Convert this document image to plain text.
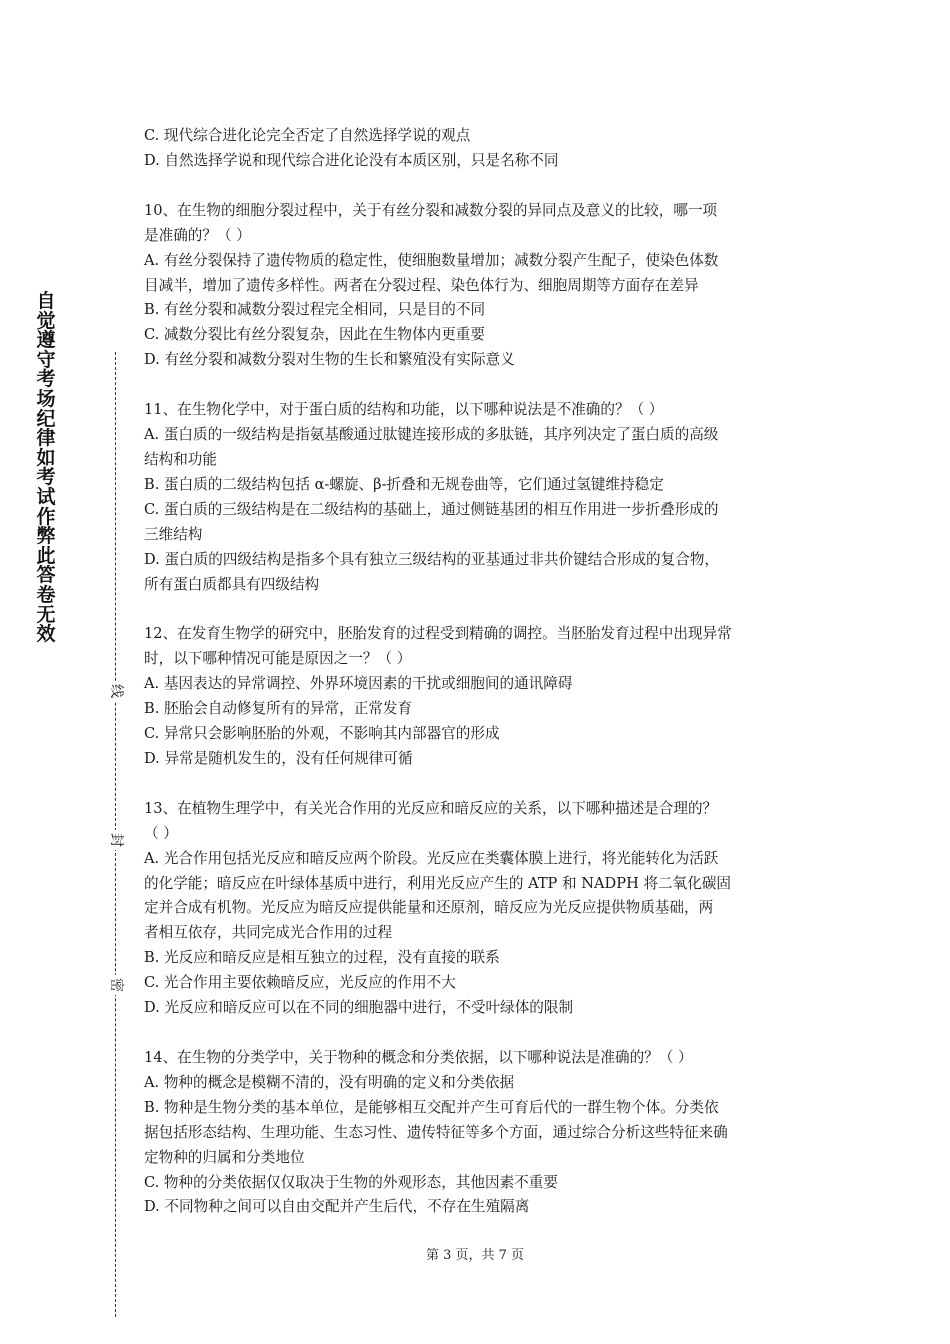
自觉遵守考场纪律如考试作弊此答卷无效
线
封
密
C. 现代综合进化论完全否定了自然选择学说的观点
D. 自然选择学说和现代综合进化论没有本质区别，只是名称不同
10、在生物的细胞分裂过程中，关于有丝分裂和减数分裂的异同点及意义的比较，哪一项
是准确的？（ ）
A. 有丝分裂保持了遗传物质的稳定性，使细胞数量增加；减数分裂产生配子，使染色体数
目减半，增加了遗传多样性。两者在分裂过程、染色体行为、细胞周期等方面存在差异
B. 有丝分裂和减数分裂过程完全相同，只是目的不同
C. 减数分裂比有丝分裂复杂，因此在生物体内更重要
D. 有丝分裂和减数分裂对生物的生长和繁殖没有实际意义
11、在生物化学中，对于蛋白质的结构和功能，以下哪种说法是不准确的？（ ）
A. 蛋白质的一级结构是指氨基酸通过肽键连接形成的多肽链，其序列决定了蛋白质的高级
结构和功能
B. 蛋白质的二级结构包括 α-螺旋、β-折叠和无规卷曲等，它们通过氢键维持稳定
C. 蛋白质的三级结构是在二级结构的基础上，通过侧链基团的相互作用进一步折叠形成的
三维结构
D. 蛋白质的四级结构是指多个具有独立三级结构的亚基通过非共价键结合形成的复合物，
所有蛋白质都具有四级结构
12、在发育生物学的研究中，胚胎发育的过程受到精确的调控。当胚胎发育过程中出现异常
时，以下哪种情况可能是原因之一？（ ）
A. 基因表达的异常调控、外界环境因素的干扰或细胞间的通讯障碍
B. 胚胎会自动修复所有的异常，正常发育
C. 异常只会影响胚胎的外观，不影响其内部器官的形成
D. 异常是随机发生的，没有任何规律可循
13、在植物生理学中，有关光合作用的光反应和暗反应的关系，以下哪种描述是合理的？
（ ）
A. 光合作用包括光反应和暗反应两个阶段。光反应在类囊体膜上进行，将光能转化为活跃
的化学能；暗反应在叶绿体基质中进行，利用光反应产生的 ATP 和 NADPH 将二氧化碳固
定并合成有机物。光反应为暗反应提供能量和还原剂，暗反应为光反应提供物质基础，两
者相互依存，共同完成光合作用的过程
B. 光反应和暗反应是相互独立的过程，没有直接的联系
C. 光合作用主要依赖暗反应，光反应的作用不大
D. 光反应和暗反应可以在不同的细胞器中进行，不受叶绿体的限制
14、在生物的分类学中，关于物种的概念和分类依据，以下哪种说法是准确的？（ ）
A. 物种的概念是模糊不清的，没有明确的定义和分类依据
B. 物种是生物分类的基本单位，是能够相互交配并产生可育后代的一群生物个体。分类依
据包括形态结构、生理功能、生态习性、遗传特征等多个方面，通过综合分析这些特征来确
定物种的归属和分类地位
C. 物种的分类依据仅仅取决于生物的外观形态，其他因素不重要
D. 不同物种之间可以自由交配并产生后代，不存在生殖隔离
第 3 页，共 7 页
